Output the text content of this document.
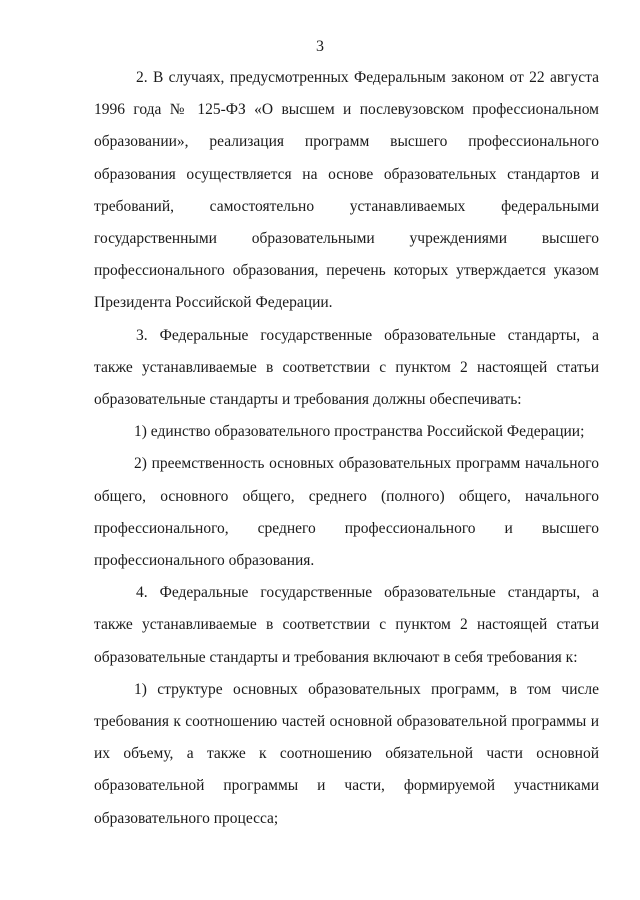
3

2. В случаях, предусмотренных Федеральным законом от 22 августа 1996 года № 125-ФЗ «О высшем и послевузовском профессиональном образовании», реализация программ высшего профессионального образования осуществляется на основе образовательных стандартов и требований, самостоятельно устанавливаемых федеральными государственными образовательными учреждениями высшего профессионального образования, перечень которых утверждается указом Президента Российской Федерации.

3. Федеральные государственные образовательные стандарты, а также устанавливаемые в соответствии с пунктом 2 настоящей статьи образовательные стандарты и требования должны обеспечивать:

1) единство образовательного пространства Российской Федерации;

2) преемственность основных образовательных программ начального общего, основного общего, среднего (полного) общего, начального профессионального, среднего профессионального и высшего профессионального образования.

4. Федеральные государственные образовательные стандарты, а также устанавливаемые в соответствии с пунктом 2 настоящей статьи образовательные стандарты и требования включают в себя требования к:

1) структуре основных образовательных программ, в том числе требования к соотношению частей основной образовательной программы и их объему, а также к соотношению обязательной части основной образовательной программы и части, формируемой участниками образовательного процесса;
